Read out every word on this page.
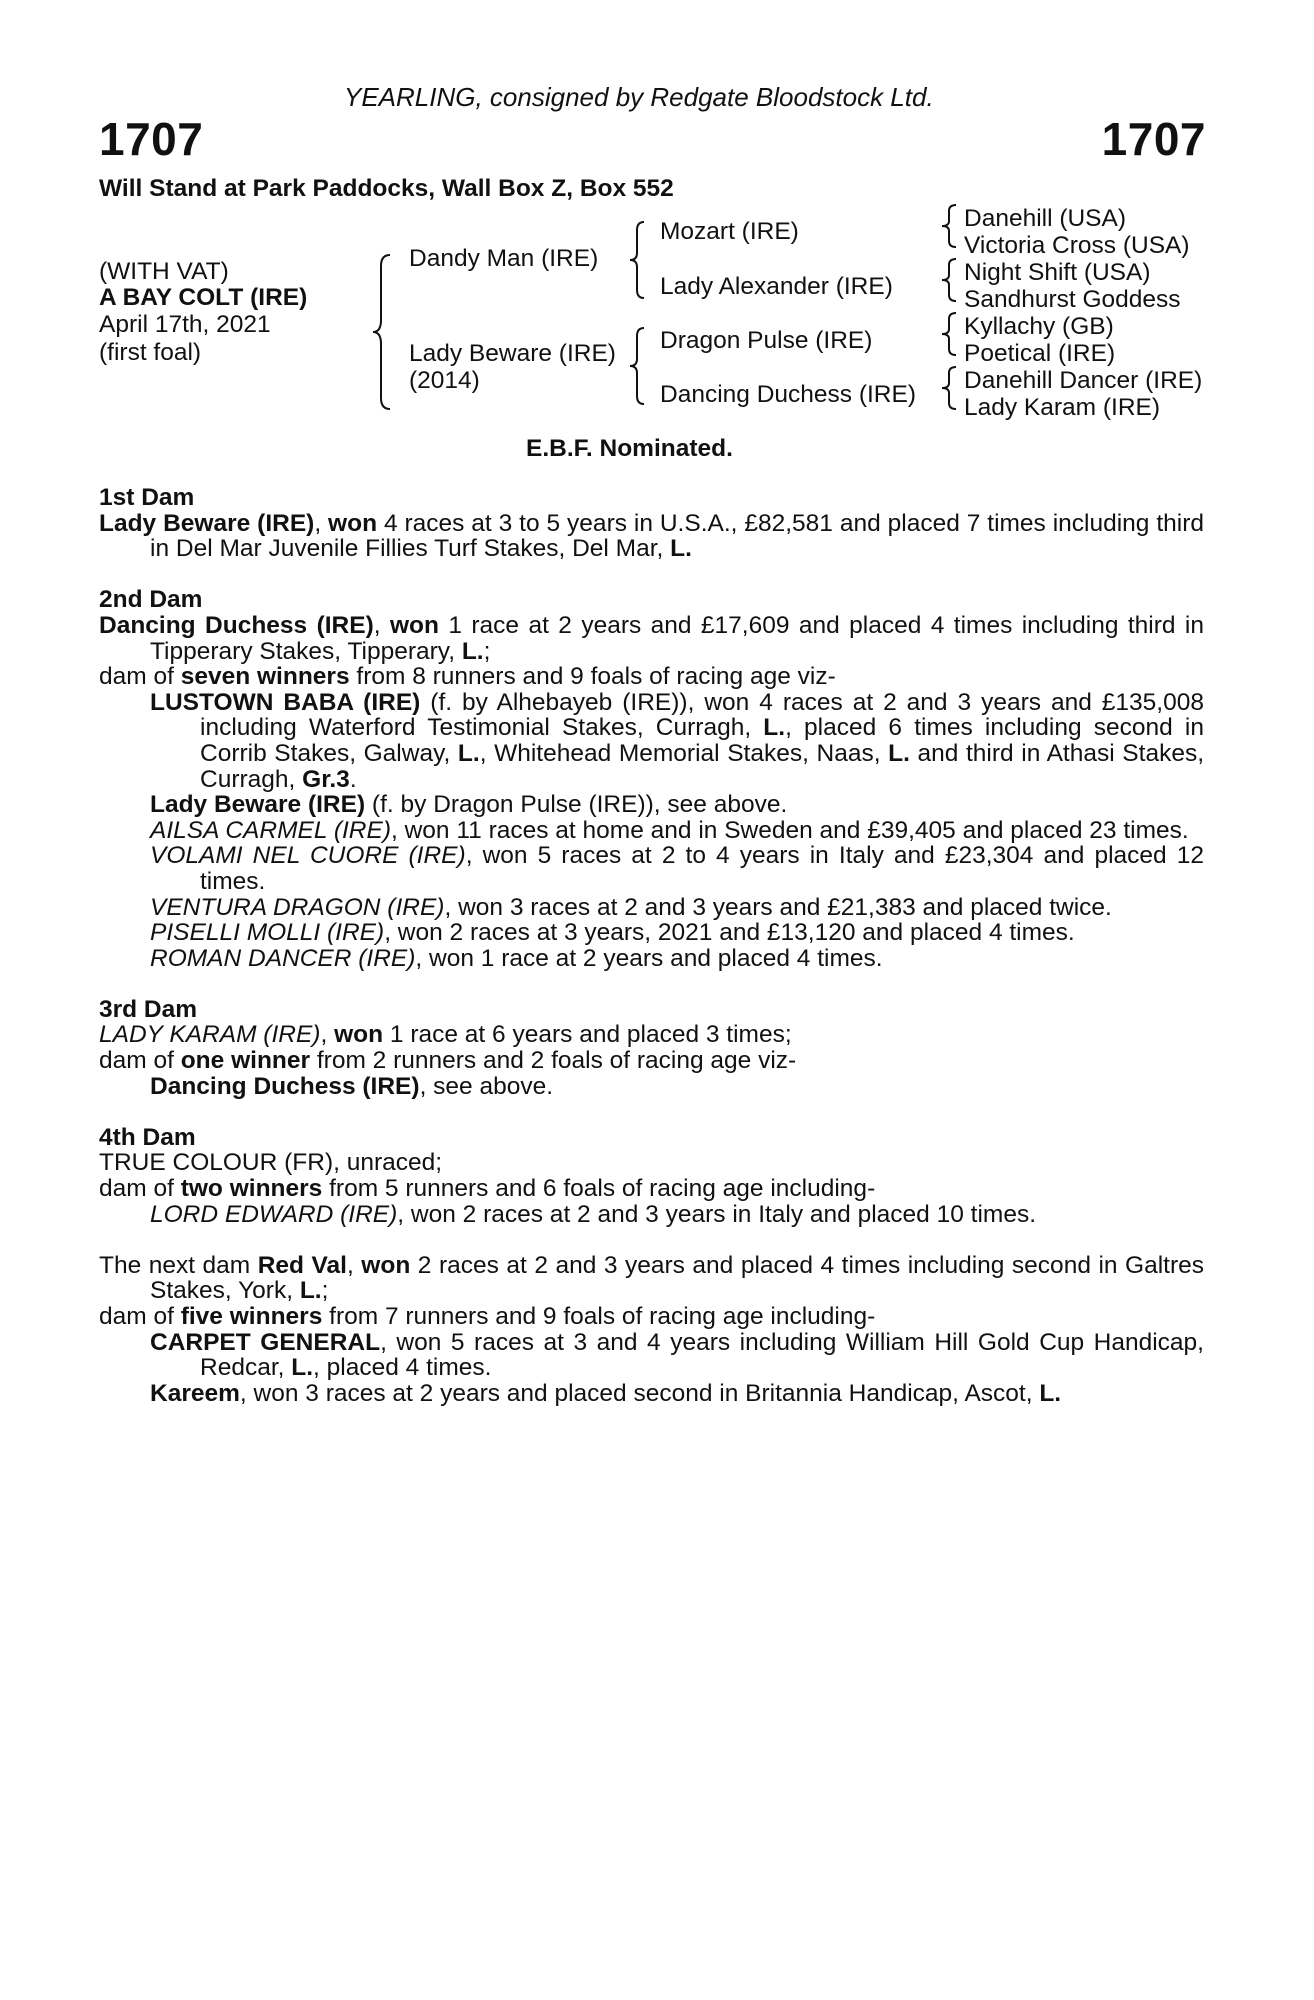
YEARLING, consigned by Redgate Bloodstock Ltd.
1707	1707
Will Stand at Park Paddocks, Wall Box Z, Box 552
(WITH VAT)
A BAY COLT (IRE)
April 17th, 2021
(first foal)
Dandy Man (IRE)
Lady Beware (IRE)
(2014)
Mozart (IRE)
Lady Alexander (IRE)
Dragon Pulse (IRE)
Dancing Duchess (IRE)
Danehill (USA)
Victoria Cross (USA)
Night Shift (USA)
Sandhurst Goddess
Kyllachy (GB)
Poetical (IRE)
Danehill Dancer (IRE)
Lady Karam (IRE)
E.B.F. Nominated.

1st Dam

Lady Beware (IRE), won 4 races at 3 to 5 years in U.S.A., £82,581 and placed 7 times including third in Del Mar Juvenile Fillies Turf Stakes, Del Mar, L.

2nd Dam

Dancing Duchess (IRE), won 1 race at 2 years and £17,609 and placed 4 times including third in Tipperary Stakes, Tipperary, L.;

dam of seven winners from 8 runners and 9 foals of racing age viz-

LUSTOWN BABA (IRE) (f. by Alhebayeb (IRE)), won 4 races at 2 and 3 years and £135,008 including Waterford Testimonial Stakes, Curragh, L., placed 6 times including second in Corrib Stakes, Galway, L., Whitehead Memorial Stakes, Naas, L. and third in Athasi Stakes, Curragh, Gr.3.

Lady Beware (IRE) (f. by Dragon Pulse (IRE)), see above.

AILSA CARMEL (IRE), won 11 races at home and in Sweden and £39,405 and placed 23 times.

VOLAMI NEL CUORE (IRE), won 5 races at 2 to 4 years in Italy and £23,304 and placed 12 times.

VENTURA DRAGON (IRE), won 3 races at 2 and 3 years and £21,383 and placed twice.

PISELLI MOLLI (IRE), won 2 races at 3 years, 2021 and £13,120 and placed 4 times.

ROMAN DANCER (IRE), won 1 race at 2 years and placed 4 times.

3rd Dam

LADY KARAM (IRE), won 1 race at 6 years and placed 3 times;

dam of one winner from 2 runners and 2 foals of racing age viz-

Dancing Duchess (IRE), see above.

4th Dam

TRUE COLOUR (FR), unraced;

dam of two winners from 5 runners and 6 foals of racing age including-

LORD EDWARD (IRE), won 2 races at 2 and 3 years in Italy and placed 10 times.

The next dam Red Val, won 2 races at 2 and 3 years and placed 4 times including second in Galtres Stakes, York, L.;

dam of five winners from 7 runners and 9 foals of racing age including-

CARPET GENERAL, won 5 races at 3 and 4 years including William Hill Gold Cup Handicap, Redcar, L., placed 4 times.

Kareem, won 3 races at 2 years and placed second in Britannia Handicap, Ascot, L.
